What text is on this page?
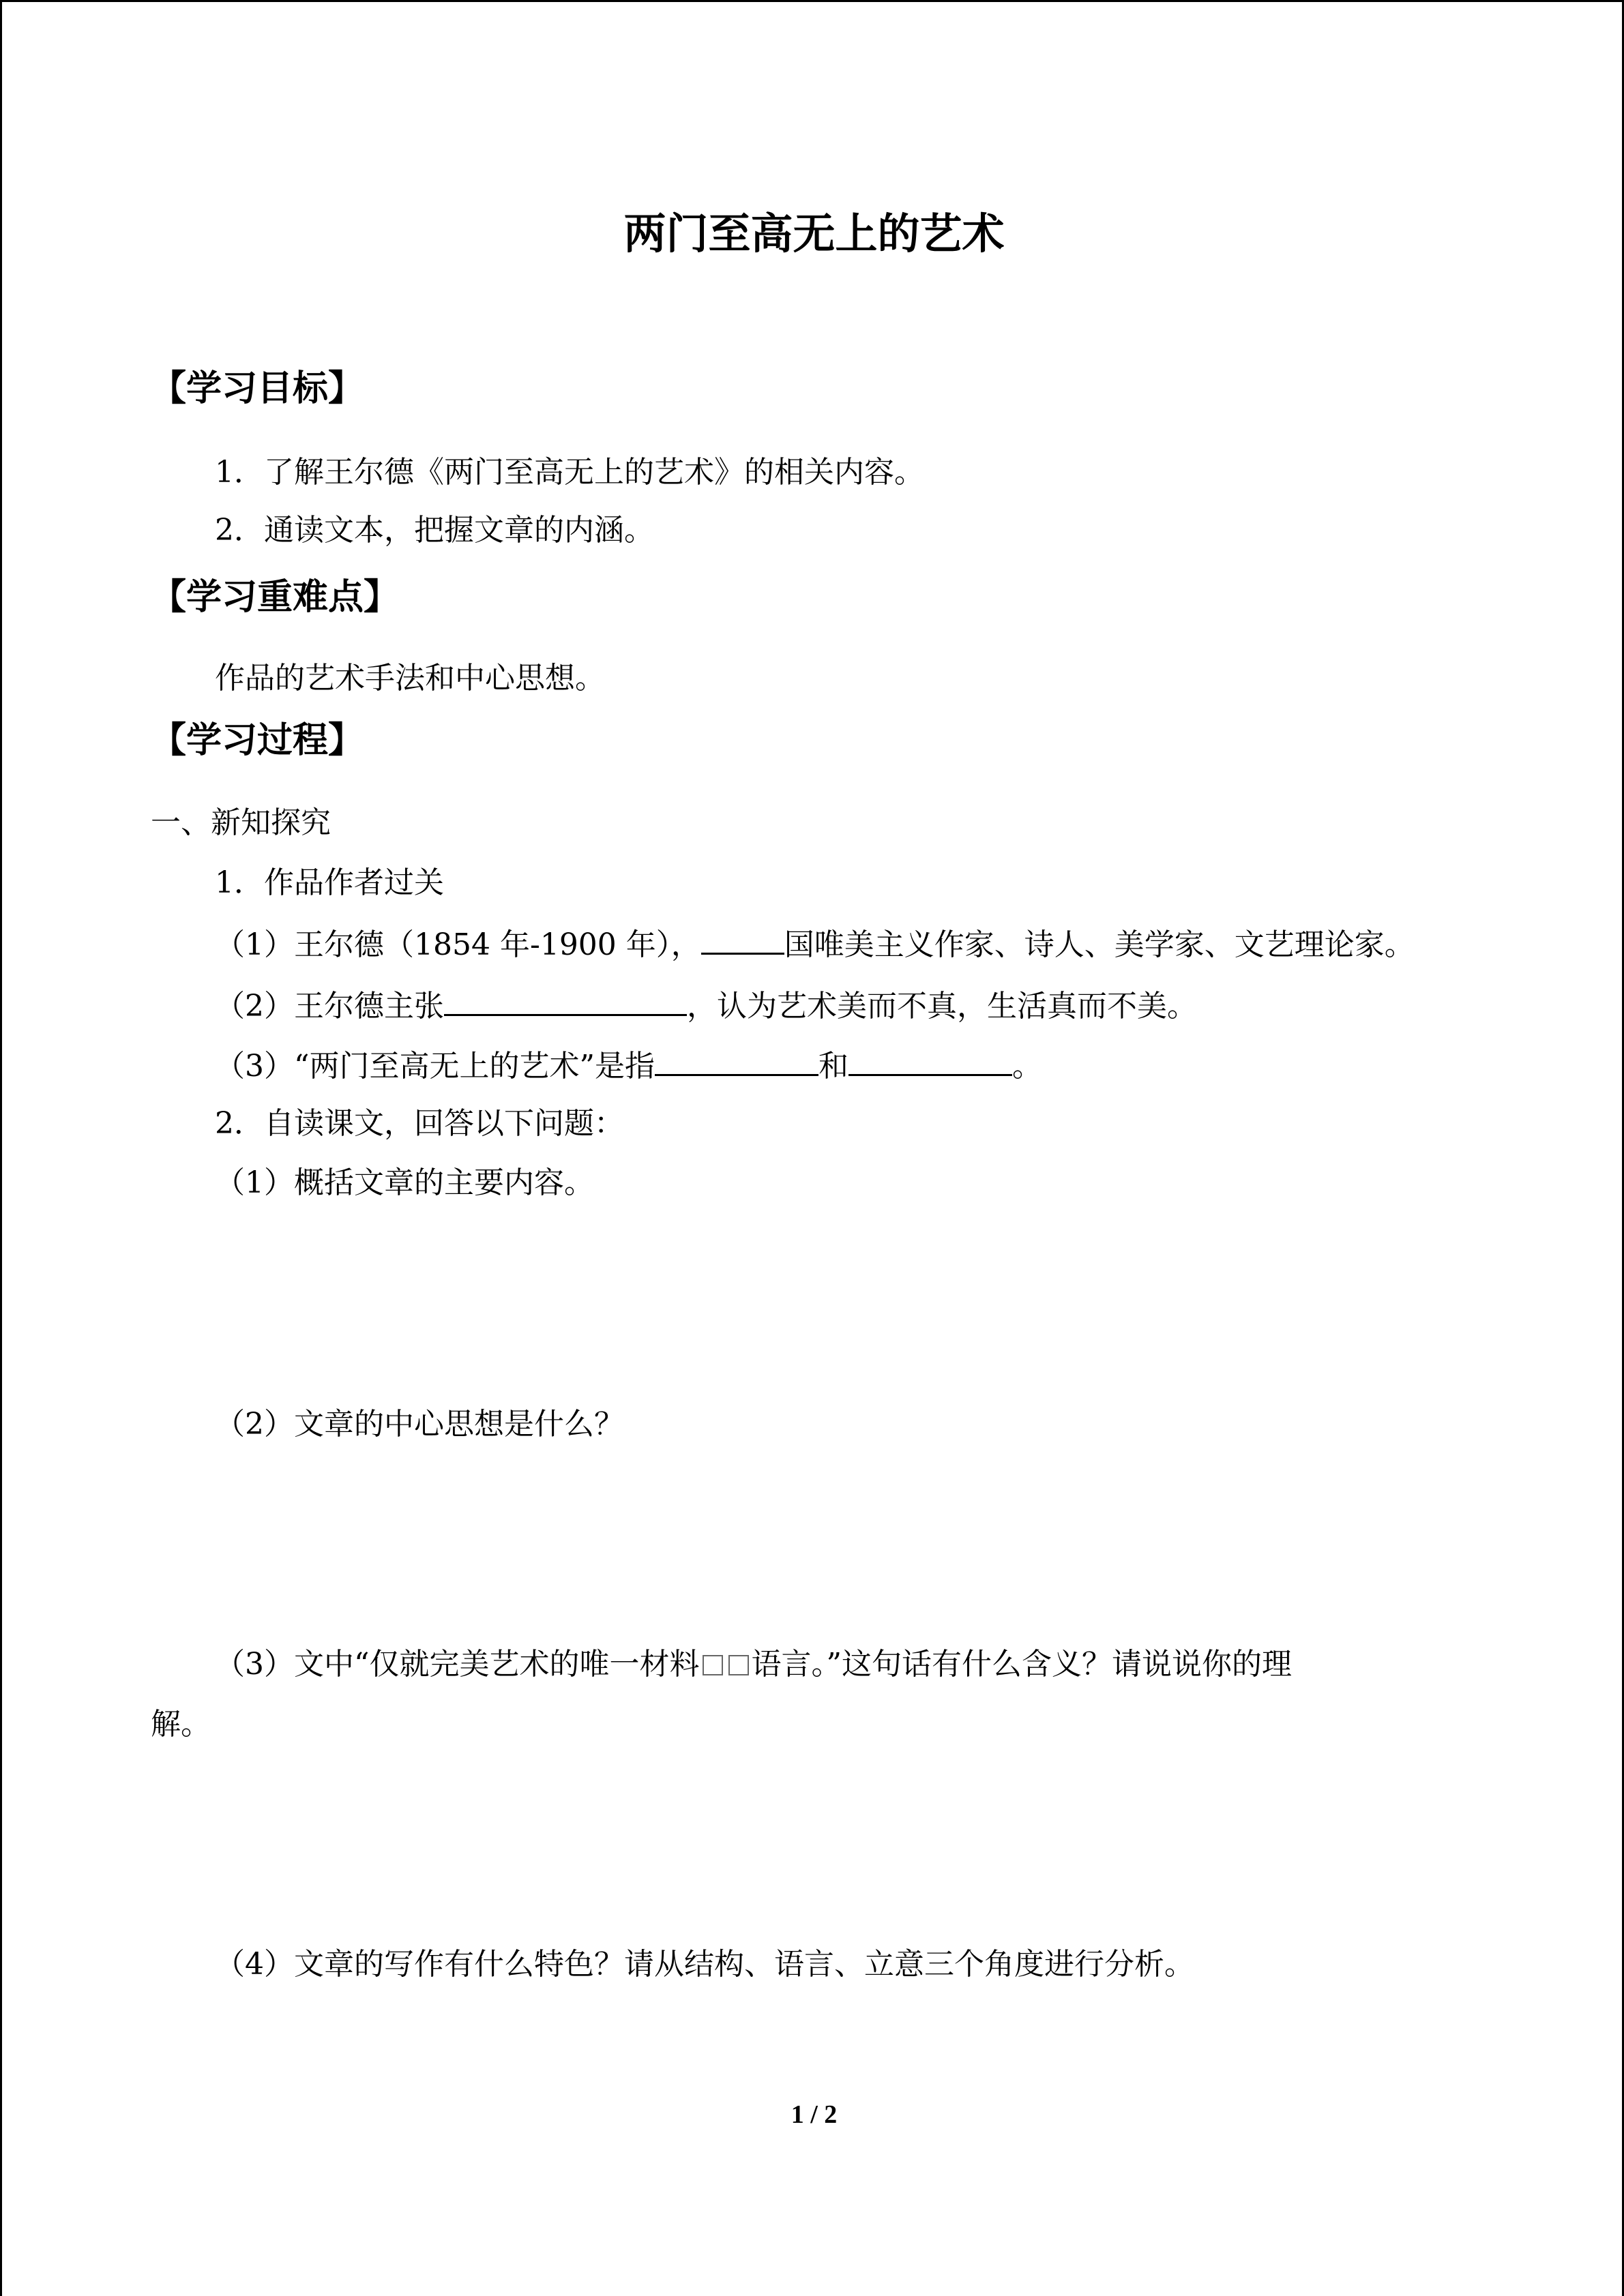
两门至高无上的艺术
【学习目标】
1．了解王尔德《两门至高无上的艺术》的相关内容。
2．通读文本，把握文章的内涵。
【学习重难点】
作品的艺术手法和中心思想。
【学习过程】
一、新知探究
1．作品作者过关
（1）王尔德（1854 年-1900 年），	国唯美主义作家、诗人、美学家、文艺理论家。
（2）王尔德主张	，认为艺术美而不真，生活真而不美。
（3）“两门至高无上的艺术”是指	和	。
2．自读课文，回答以下问题：
（1）概括文章的主要内容。
（2）文章的中心思想是什么？
（3）文中“仅就完美艺术的唯一材料 语言。”这句话有什么含义？请说说你的理
解。
（4）文章的写作有什么特色？请从结构、语言、立意三个角度进行分析。
1 / 2
